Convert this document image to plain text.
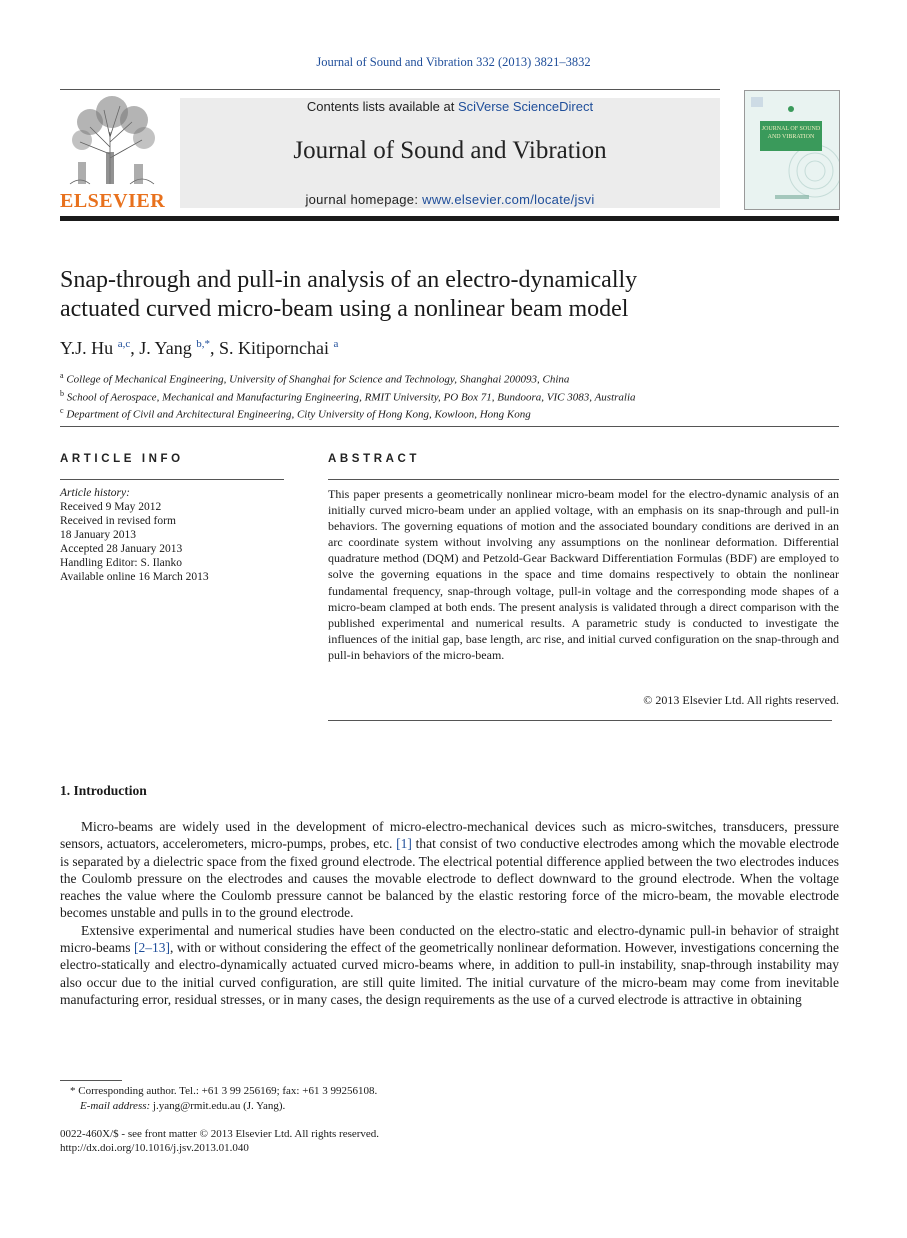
Journal of Sound and Vibration 332 (2013) 3821–3832
ELSEVIER
Contents lists available at SciVerse ScienceDirect
Journal of Sound and Vibration
journal homepage: www.elsevier.com/locate/jsvi
JOURNAL OF SOUND AND VIBRATION
Snap-through and pull-in analysis of an electro-dynamically
actuated curved micro-beam using a nonlinear beam model
Y.J. Hu $^{a,c}$, J. Yang $^{b,*}$, S. Kitipornchai $^a$
$^a$ College of Mechanical Engineering, University of Shanghai for Science and Technology, Shanghai 200093, China
$^b$ School of Aerospace, Mechanical and Manufacturing Engineering, RMIT University, PO Box 71, Bundoora, VIC 3083, Australia
$^c$ Department of Civil and Architectural Engineering, City University of Hong Kong, Kowloon, Hong Kong
ARTICLE INFO
Article history:
Received 9 May 2012
Received in revised form
18 January 2013
Accepted 28 January 2013
Handling Editor: S. Ilanko
Available online 16 March 2013
ABSTRACT
This paper presents a geometrically nonlinear micro-beam model for the electro-dynamic analysis of an initially curved micro-beam under an applied voltage, with an emphasis on its snap-through and pull-in behaviors. The governing equations of motion and the associated boundary conditions are derived in an arc coordinate system without involving any assumptions on the nonlinear deformation. Differential quadrature method (DQM) and Petzold-Gear Backward Differentiation Formulas (BDF) are employed to solve the governing equations in the space and time domains respectively to obtain the nonlinear fundamental frequency, snap-through voltage, pull-in voltage and the corresponding mode shapes of a micro-beam clamped at both ends. The present analysis is validated through a direct comparison with the published experimental and numerical results. A parametric study is conducted to investigate the influences of the initial gap, base length, arc rise, and initial curved configuration on the snap-through and pull-in behaviors of the micro-beam.
© 2013 Elsevier Ltd. All rights reserved.
1. Introduction

Micro-beams are widely used in the development of micro-electro-mechanical devices such as micro-switches, transducers, pressure sensors, actuators, accelerometers, micro-pumps, probes, etc. [1] that consist of two conductive electrodes among which the movable electrode is separated by a dielectric space from the fixed ground electrode. The electrical potential difference applied between the two electrodes induces the Coulomb pressure on the electrodes and causes the movable electrode to deflect downward to the ground electrode. When the voltage reaches the value where the Coulomb pressure cannot be balanced by the elastic restoring force of the micro-beam, the movable electrode becomes unstable and pulls in to the ground electrode.

Extensive experimental and numerical studies have been conducted on the electro-static and electro-dynamic pull-in behavior of straight micro-beams [2–13], with or without considering the effect of the geometrically nonlinear deformation. However, investigations concerning the electro-statically and electro-dynamically actuated curved micro-beams where, in addition to pull-in instability, snap-through instability may also occur due to the initial curved configuration, are still quite limited. The initial curvature of the micro-beam may come from inevitable manufacturing error, residual stresses, or in many cases, the design requirements as the use of a curved electrode is attractive in obtaining

* Corresponding author. Tel.: +61 3 99 256169; fax: +61 3 99256108.
E-mail address: j.yang@rmit.edu.au (J. Yang).
0022-460X/$ - see front matter © 2013 Elsevier Ltd. All rights reserved.
http://dx.doi.org/10.1016/j.jsv.2013.01.040
